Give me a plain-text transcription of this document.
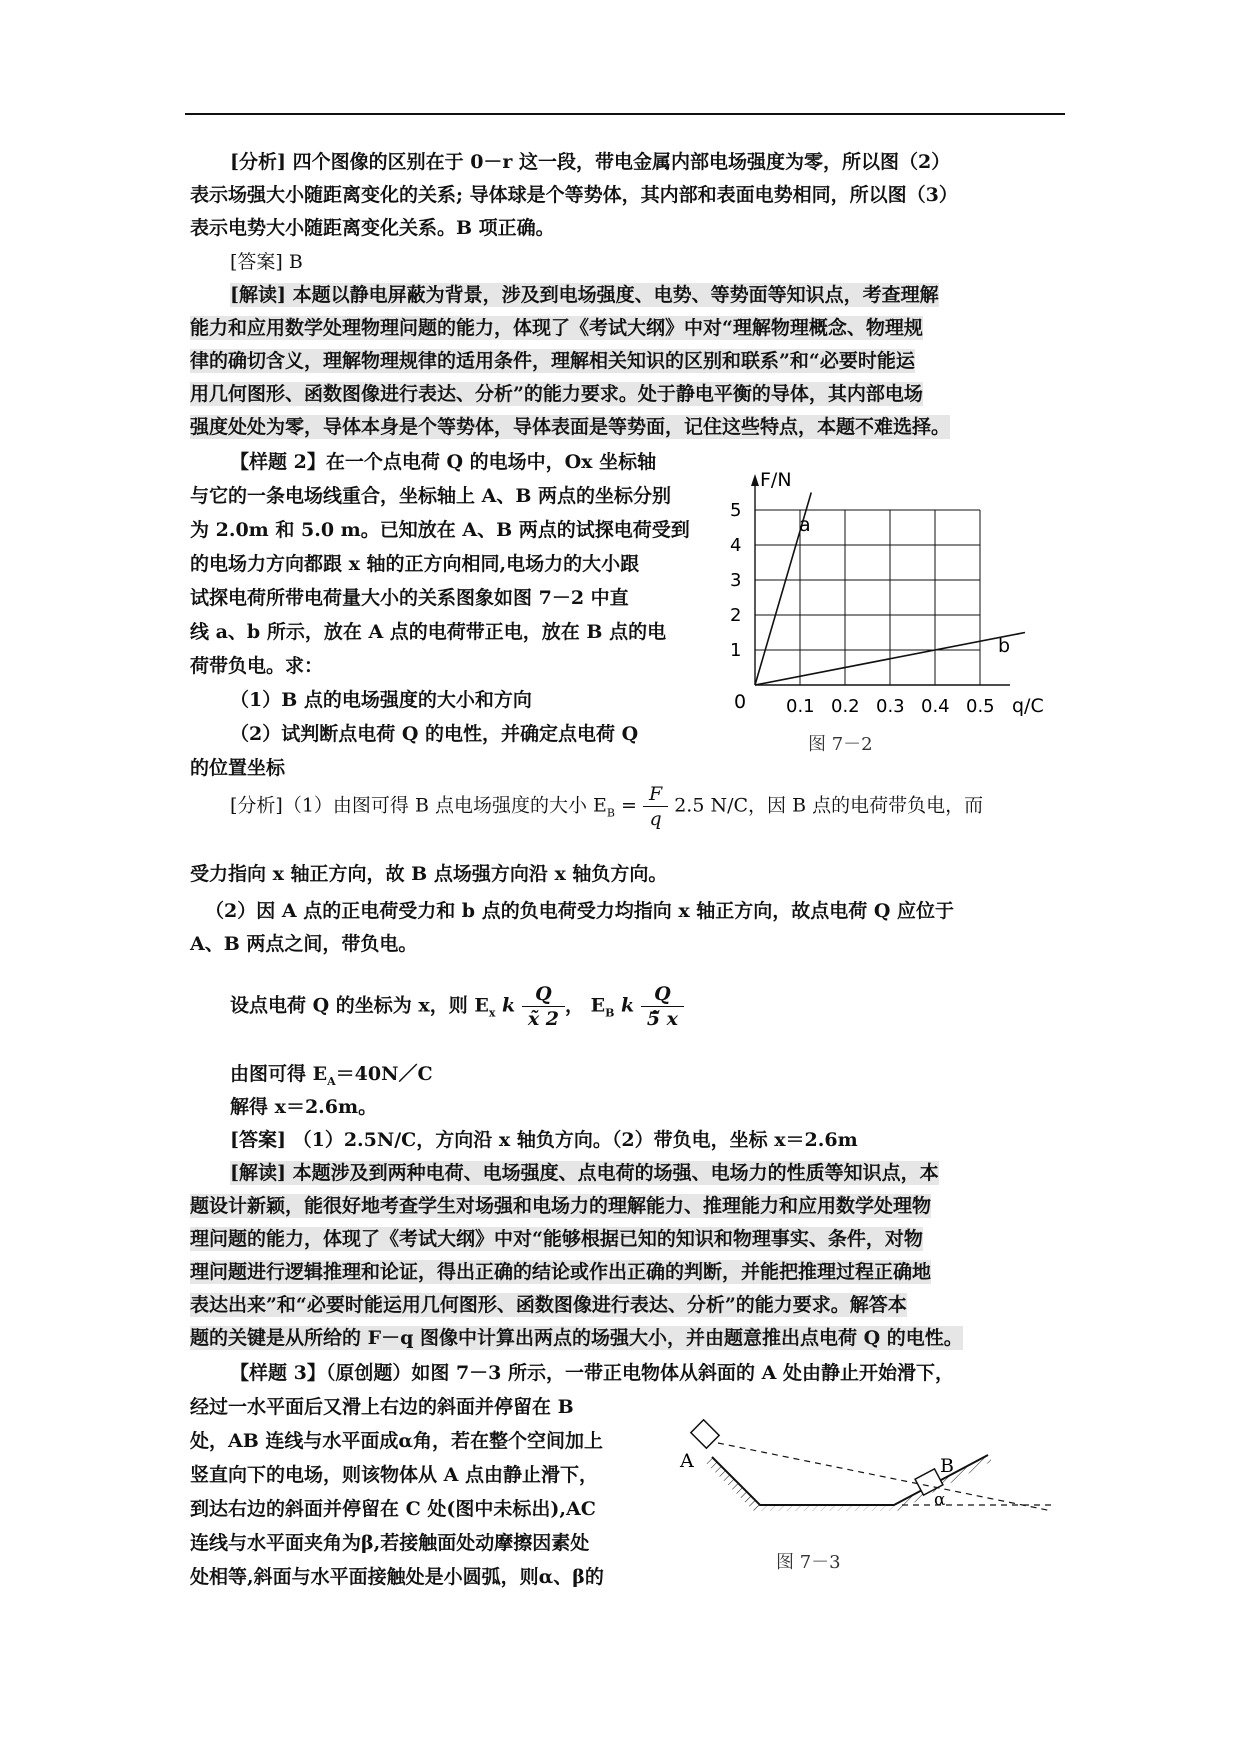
[分析] 四个图像的区别在于 0－r 这一段，带电金属内部电场强度为零，所以图（2）
表示场强大小随距离变化的关系; 导体球是个等势体，其内部和表面电势相同，所以图（3）
表示电势大小随距离变化关系。B 项正确。
[答案] B
[解读] 本题以静电屏蔽为背景，涉及到电场强度、电势、等势面等知识点，考查理解
能力和应用数学处理物理问题的能力，体现了《考试大纲》中对“理解物理概念、物理规
律的确切含义，理解物理规律的适用条件，理解相关知识的区别和联系”和“必要时能运
用几何图形、函数图像进行表达、分析”的能力要求。处于静电平衡的导体，其内部电场
强度处处为零，导体本身是个等势体，导体表面是等势面，记住这些特点，本题不难选择。
【样题 2】在一个点电荷 Q 的电场中，Ox 坐标轴
与它的一条电场线重合，坐标轴上 A、B 两点的坐标分别
为 2.0m 和 5.0 m。已知放在 A、B 两点的试探电荷受到
的电场力方向都跟 x 轴的正方向相同,电场力的大小跟
试探电荷所带电荷量大小的关系图象如图 7－2 中直
线 a、b 所示，放在 A 点的电荷带正电，放在 B 点的电
荷带负电。求：
（1）B 点的电场强度的大小和方向
（2）试判断点电荷 Q 的电性，并确定点电荷 Q
的位置坐标
F/N
q/C
0 0.1 0.2 0.3 0.4 0.5
1
2
3
4
5
a
b
图 7－2
[分析]（1）由图可得 B 点电场强度的大小 $E_B = \frac{F}{q} 2.5$ N/C，因 B 点的电荷带负电，而
受力指向 x 轴正方向，故 B 点场强方向沿 x 轴负方向。
（2）因 A 点的正电荷受力和 b 点的负电荷受力均指向 x 轴正方向，故点电荷 Q 应位于
A、B 两点之间，带负电。
设点电荷 Q 的坐标为 x，则 $E_x$ k $\frac{Q}{x̃ 2}$ ， $E_B$ k $\frac{Q}{5̃ x}$
由图可得 $E_A=40N/C$
解得 x＝2.6m。
[答案] （1）2.5N/C，方向沿 x 轴负方向。（2）带负电，坐标 x＝2.6m
[解读] 本题涉及到两种电荷、电场强度、点电荷的场强、电场力的性质等知识点，本
题设计新颖，能很好地考查学生对场强和电场力的理解能力、推理能力和应用数学处理物
理问题的能力，体现了《考试大纲》中对“能够根据已知的知识和物理事实、条件，对物
理问题进行逻辑推理和论证，得出正确的结论或作出正确的判断，并能把推理过程正确地
表达出来”和“必要时能运用几何图形、函数图像进行表达、分析”的能力要求。解答本
题的关键是从所给的 F－q 图像中计算出两点的场强大小，并由题意推出点电荷 Q 的电性。
【样题 3】（原创题）如图 7－3 所示，一带正电物体从斜面的 A 处由静止开始滑下，
经过一水平面后又滑上右边的斜面并停留在 B
处，AB 连线与水平面成α角，若在整个空间加上
竖直向下的电场，则该物体从 A 点由静止滑下，
到达右边的斜面并停留在 C 处(图中未标出),AC
连线与水平面夹角为β,若接触面处动摩擦因素处
处相等,斜面与水平面接触处是小圆弧，则α、β的
A	B
α
图 7－3
